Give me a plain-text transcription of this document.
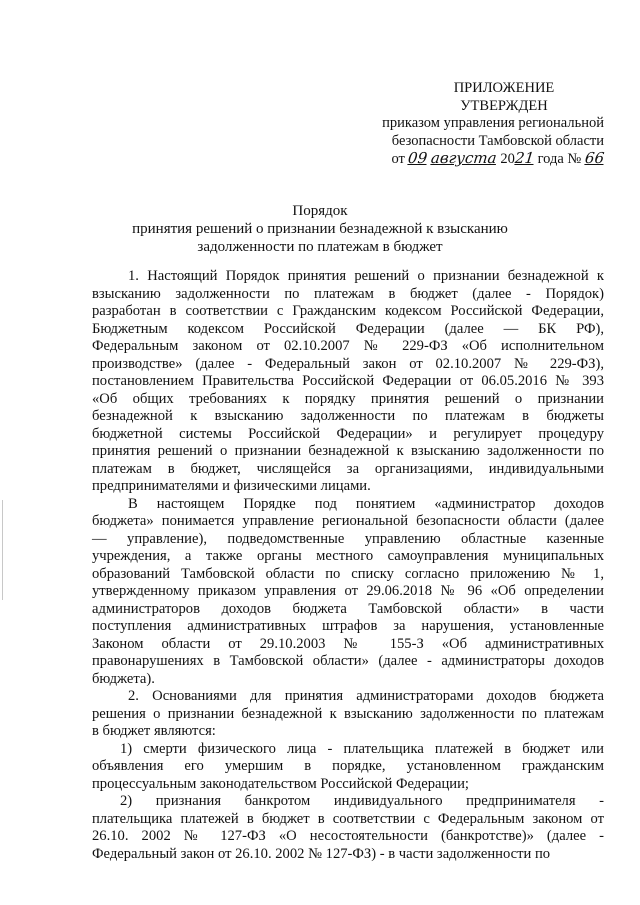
ПРИЛОЖЕНИЕ
УТВЕРЖДЕН
приказом управления региональной
безопасности Тамбовской области
от 09 августа 2021 года № 66
Порядок
принятия решений о признании безнадежной к взысканию
задолженности по платежам в бюджет
1. Настоящий Порядок принятия решений о признании безнадежной к
взысканию задолженности по платежам в бюджет (далее - Порядок)
разработан в соответствии с Гражданским кодексом Российской Федерации,
Бюджетным кодексом Российской Федерации (далее — БК РФ),
Федеральным законом от 02.10.2007 № 229-ФЗ «Об исполнительном
производстве» (далее - Федеральный закон от 02.10.2007 № 229-ФЗ),
постановлением Правительства Российской Федерации от 06.05.2016 № 393
«Об общих требованиях к порядку принятия решений о признании
безнадежной к взысканию задолженности по платежам в бюджеты
бюджетной системы Российской Федерации» и регулирует процедуру
принятия решений о признании безнадежной к взысканию задолженности по
платежам в бюджет, числящейся за организациями, индивидуальными
предпринимателями и физическими лицами.
В настоящем Порядке под понятием «администратор доходов
бюджета» понимается управление региональной безопасности области (далее
— управление), подведомственные управлению областные казенные
учреждения, а также органы местного самоуправления муниципальных
образований Тамбовской области по списку согласно приложению № 1,
утвержденному приказом управления от 29.06.2018 № 96 «Об определении
администраторов доходов бюджета Тамбовской области» в части
поступления административных штрафов за нарушения, установленные
Законом области от 29.10.2003 № 155-З «Об административных
правонарушениях в Тамбовской области» (далее - администраторы доходов
бюджета).
2. Основаниями для принятия администраторами доходов бюджета
решения о признании безнадежной к взысканию задолженности по платежам
в бюджет являются:
1) смерти физического лица - плательщика платежей в бюджет или
объявления его умершим в порядке, установленном гражданским
процессуальным законодательством Российской Федерации;
2) признания банкротом индивидуального предпринимателя -
плательщика платежей в бюджет в соответствии с Федеральным законом от
26.10. 2002 № 127-ФЗ «О несостоятельности (банкротстве)» (далее -
Федеральный закон от 26.10. 2002 № 127-ФЗ) - в части задолженности по
